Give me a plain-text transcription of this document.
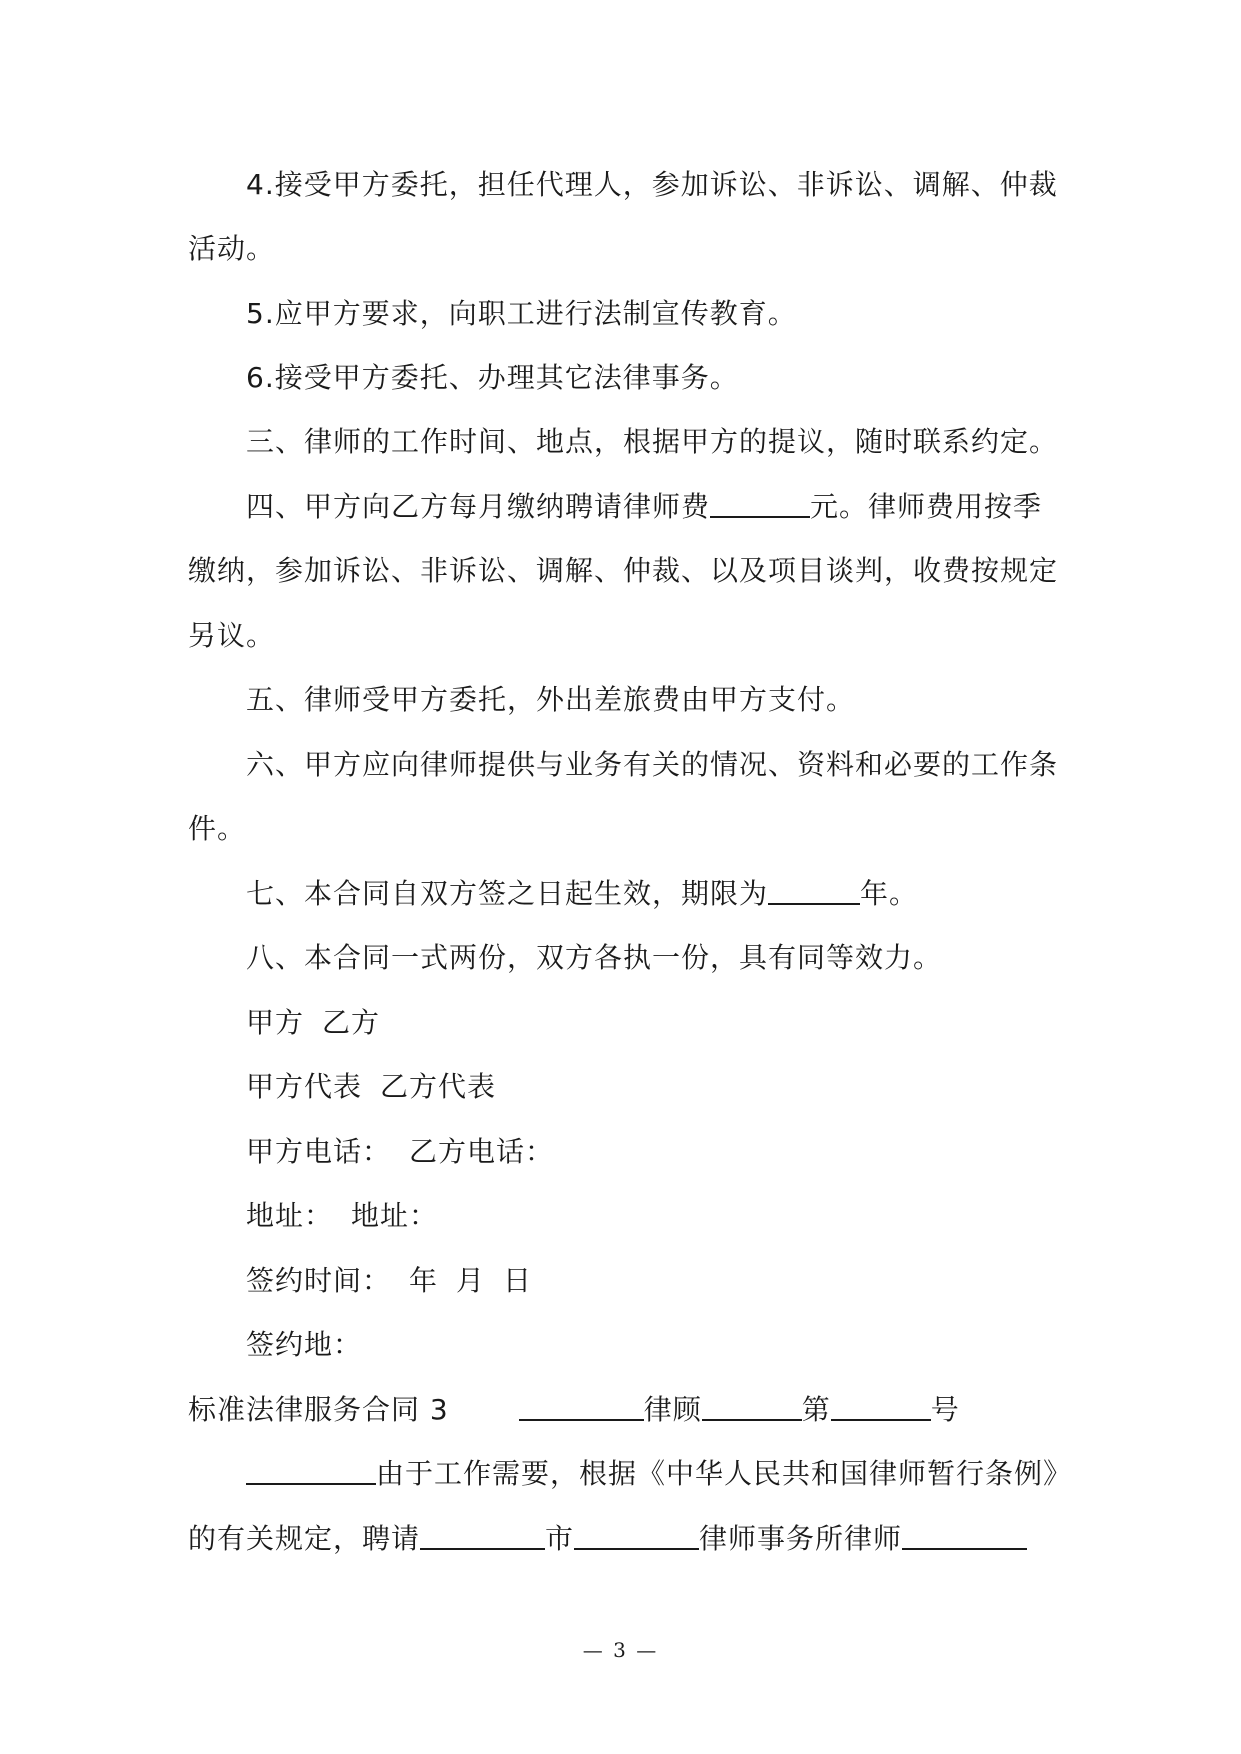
4.接受甲方委托，担任代理人，参加诉讼、非诉讼、调解、仲裁

活动。

5.应甲方要求，向职工进行法制宣传教育。

6.接受甲方委托、办理其它法律事务。

三、律师的工作时间、地点，根据甲方的提议，随时联系约定。

四、甲方向乙方每月缴纳聘请律师费	元。律师费用按季

缴纳，参加诉讼、非诉讼、调解、仲裁、以及项目谈判，收费按规定

另议。

五、律师受甲方委托，外出差旅费由甲方支付。

六、甲方应向律师提供与业务有关的情况、资料和必要的工作条

件。

七、本合同自双方签之日起生效，期限为	年。

八、本合同一式两份，双方各执一份，具有同等效力。

甲方 乙方

甲方代表 乙方代表

甲方电话： 乙方电话：

地址： 地址：

签约时间： 年 月 日

签约地：

标准法律服务合同 3	律顾	第	号

由于工作需要，根据《中华人民共和国律师暂行条例》

的有关规定，聘请	市	律师事务所律师

— 3 —
